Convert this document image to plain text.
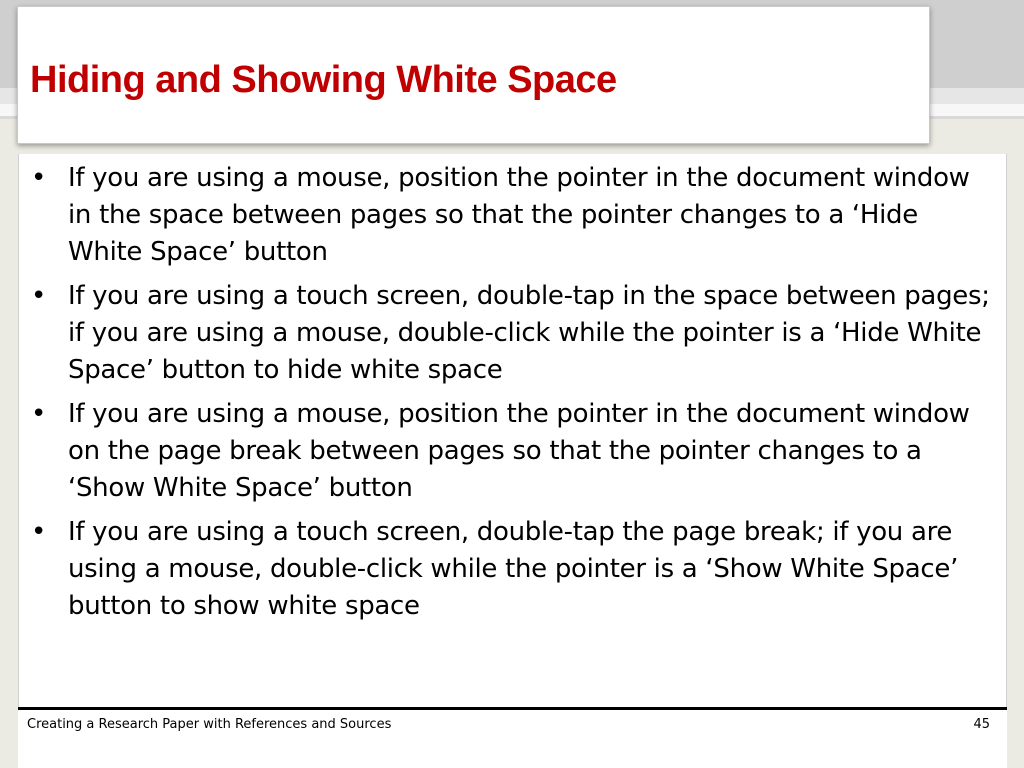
Hiding and Showing White Space
• If you are using a mouse, position the pointer in the document window in the space between pages so that the pointer changes to a ‘Hide White Space’ button
• If you are using a touch screen, double-tap in the space between pages; if you are using a mouse, double-click while the pointer is a ‘Hide White Space’ button to hide white space
• If you are using a mouse, position the pointer in the document window on the page break between pages so that the pointer changes to a ‘Show White Space’ button
• If you are using a touch screen, double-tap the page break; if you are using a mouse, double-click while the pointer is a ‘Show White Space’ button to show white space
Creating a Research Paper with References and Sources	45
